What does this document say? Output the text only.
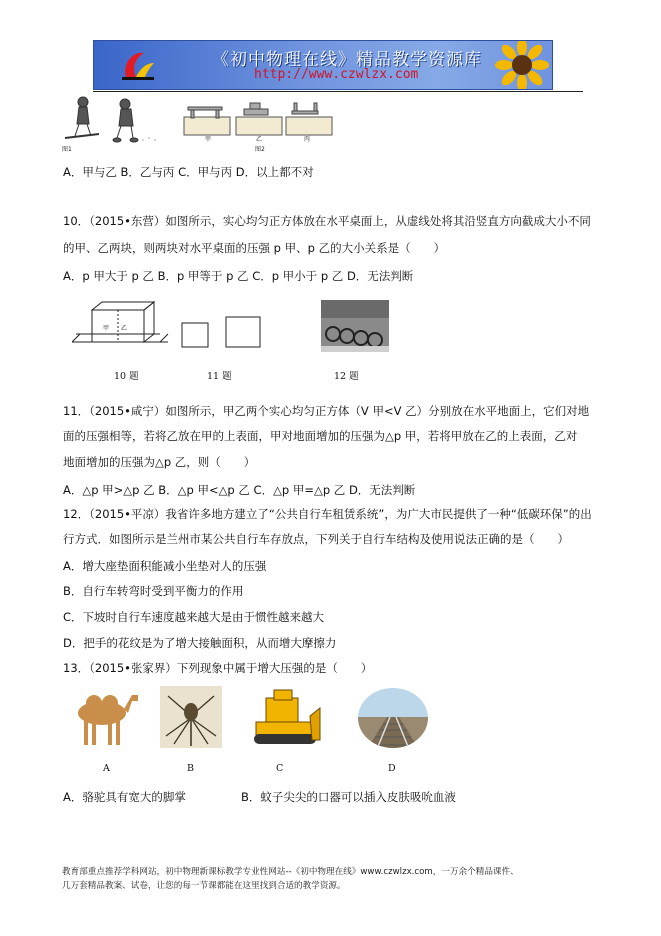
《初中物理在线》精品教学资源库
http://www.czwlzx.com
图1
甲	乙	丙
图2
A．甲与乙 B．乙与丙 C．甲与丙 D．以上都不对
10．（2015•东营）如图所示，实心均匀正方体放在水平桌面上，从虚线处将其沿竖直方向截成大小不同
的甲、乙两块，则两块对水平桌面的压强 p 甲、p 乙的大小关系是（　　）
A．p 甲大于 p 乙 B．p 甲等于 p 乙 C．p 甲小于 p 乙 D．无法判断
甲 乙
10 题	11 题	12 题
11．（2015•咸宁）如图所示，甲乙两个实心均匀正方体（V 甲<V 乙）分别放在水平地面上，它们对地
面的压强相等，若将乙放在甲的上表面，甲对地面增加的压强为△p 甲，若将甲放在乙的上表面，乙对
地面增加的压强为△p 乙，则（　　）
A．△p 甲>△p 乙 B．△p 甲<△p 乙 C．△p 甲=△p 乙 D．无法判断
12．（2015•平凉）我省许多地方建立了“公共自行车租赁系统”，为广大市民提供了一种“低碳环保”的出
行方式．如图所示是兰州市某公共自行车存放点，下列关于自行车结构及使用说法正确的是（　　）
A．增大座垫面积能减小坐垫对人的压强
B．自行车转弯时受到平衡力的作用
C．下坡时自行车速度越来越大是由于惯性越来越大
D．把手的花纹是为了增大接触面积，从而增大摩擦力
13．（2015•张家界）下列现象中属于增大压强的是（　　）
A	B	C	D
A．骆驼具有宽大的脚掌	B．蚊子尖尖的口器可以插入皮肤吸吮血液
教育部重点推荐学科网站，初中物理新课标教学专业性网站--《初中物理在线》www.czwlzx.com，一万余个精品课件、
几万套精品教案、试卷，让您的每一节课都能在这里找到合适的教学资源。
